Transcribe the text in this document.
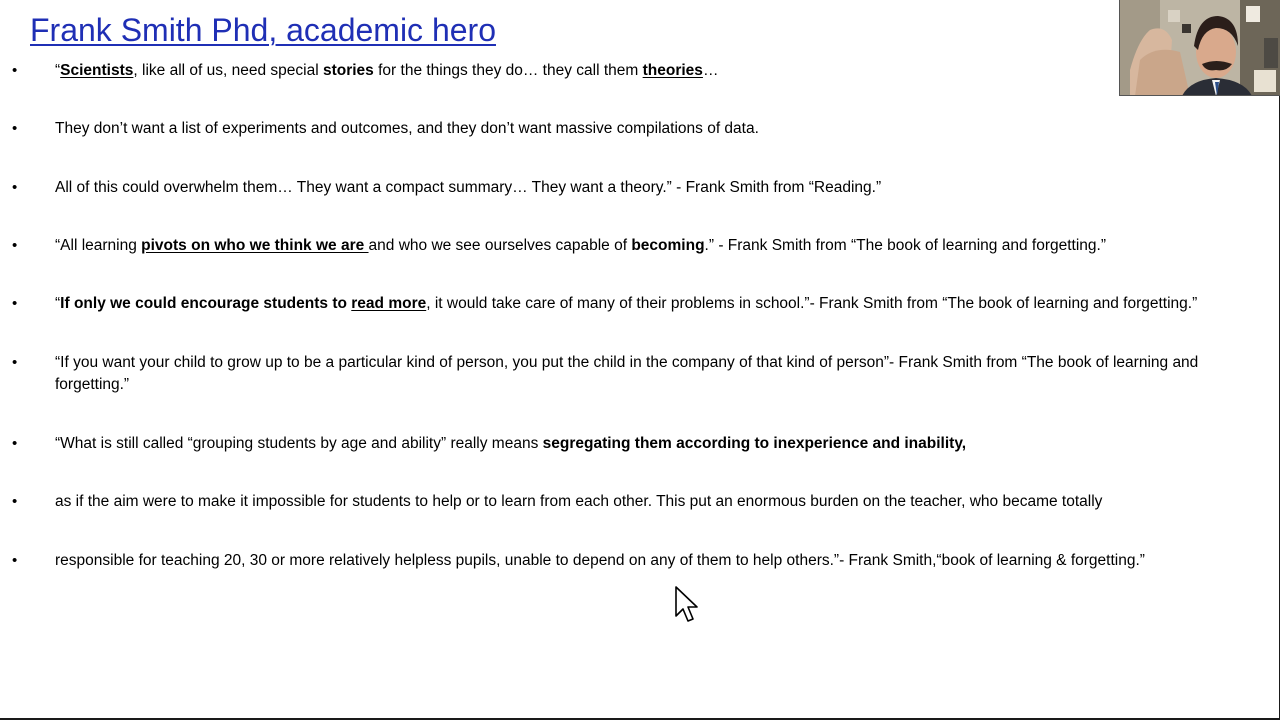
Frank Smith Phd, academic hero
• “Scientists, like all of us, need special stories for the things they do… they call them theories…
• They don’t want a list of experiments and outcomes, and they don’t want massive compilations of data.
• All of this could overwhelm them… They want a compact summary… They want a theory.” - Frank Smith from “Reading.”
• “All learning pivots on who we think we are and who we see ourselves capable of becoming.” - Frank Smith from “The book of learning and forgetting.”
• “If only we could encourage students to read more, it would take care of many of their problems in school.”- Frank Smith from “The book of learning and forgetting.”
• “If you want your child to grow up to be a particular kind of person, you put the child in the company of that kind of person”- Frank Smith from “The book of learning and forgetting.”
• “What is still called “grouping students by age and ability” really means segregating them according to inexperience and inability,
• as if the aim were to make it impossible for students to help or to learn from each other. This put an enormous burden on the teacher, who became totally
• responsible for teaching 20, 30 or more relatively helpless pupils, unable to depend on any of them to help others.”- Frank Smith,“book of learning & forgetting.”
